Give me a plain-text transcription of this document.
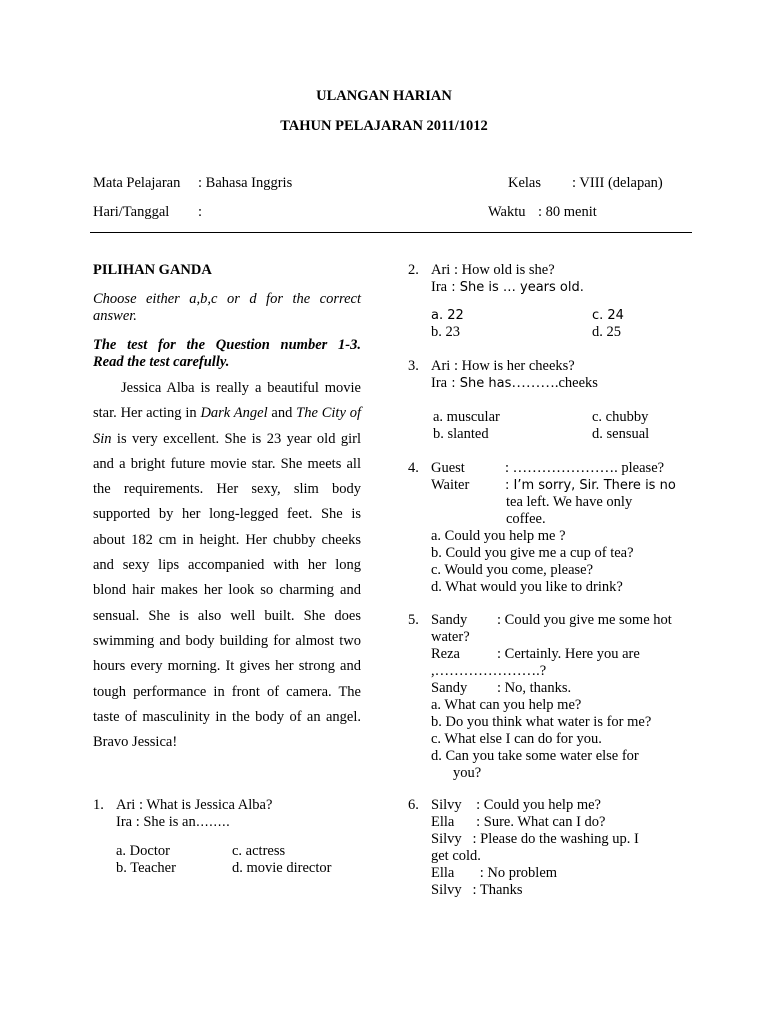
ULANGAN HARIAN
TAHUN PELAJARAN 2011/1012
Mata Pelajaran : Bahasa Inggris	Kelas : VIII (delapan)
Hari/Tanggal :	Waktu : 80 menit
PILIHAN GANDA
Choose either a,b,c or d for the correct
answer.
The test for the Question number 1-3.
Read the test carefully.
Jessica Alba is really a beautiful movie star. Her acting in Dark Angel and The City of Sin is very excellent. She is 23 year old girl and a bright future movie star. She meets all the requirements. Her sexy, slim body supported by her long-legged feet. She is about 182 cm in height. Her chubby cheeks and sexy lips accompanied with her long blond hair makes her look so charming and sensual. She is also well built. She does swimming and body building for almost two hours every morning. It gives her strong and tough performance in front of camera. The taste of masculinity in the body of an angel. Bravo Jessica!
1. Ari : What is Jessica Alba?
Ira : She is an……..
a. Doctor	c. actress
b. Teacher	d. movie director
2. Ari : How old is she?
Ira : She is … years old.
a. 22	c. 24
b. 23	d. 25
3. Ari : How is her cheeks?
Ira : She has……….cheeks
a. muscular	c. chubby
b. slanted	d. sensual
4. Guest	: …………………. please?
Waiter	: I’m sorry, Sir. There is no
tea left. We have only
coffee.
a. Could you help me ?
b. Could you give me a cup of tea?
c. Would you come, please?
d. What would you like to drink?
5. Sandy : Could you give me some hot
water?
Reza	: Certainly. Here you are
,………………….?
Sandy : No, thanks.
a. What can you help me?
b. Do you think what water is for me?
c. What else I can do for you.
d. Can you take some water else for
you?
6. Silvy    : Could you help me?
Ella      : Sure. What can I do?
Silvy   : Please do the washing up. I
get cold.
Ella       : No problem
Silvy   : Thanks
